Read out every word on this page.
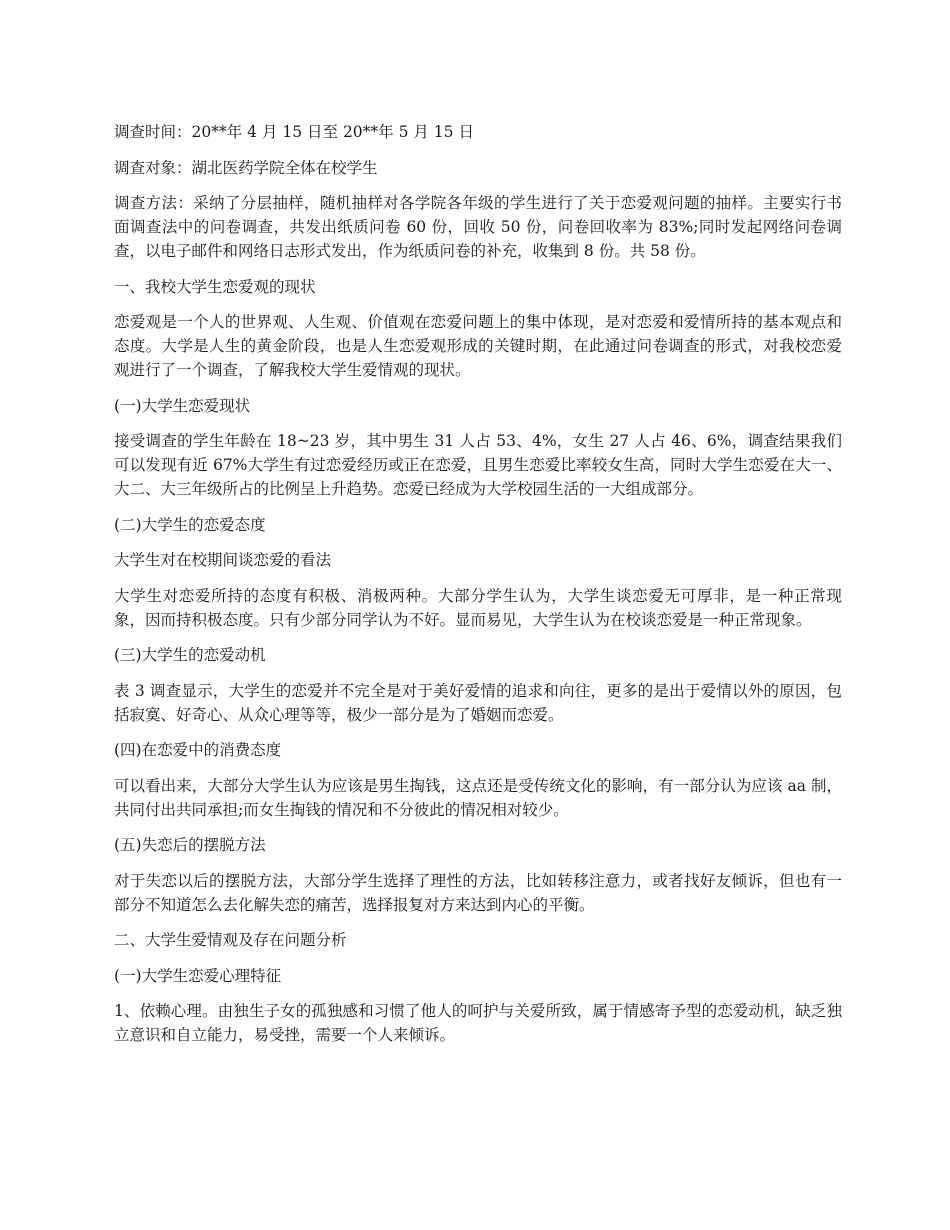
调查时间：20**年 4 月 15 日至 20**年 5 月 15 日

调查对象：湖北医药学院全体在校学生

调查方法：采纳了分层抽样，随机抽样对各学院各年级的学生进行了关于恋爱观问题的抽样。主要实行书面调查法中的问卷调查，共发出纸质问卷 60 份，回收 50 份，问卷回收率为 83%;同时发起网络问卷调查，以电子邮件和网络日志形式发出，作为纸质问卷的补充，收集到 8 份。共 58 份。

一、我校大学生恋爱观的现状

恋爱观是一个人的世界观、人生观、价值观在恋爱问题上的集中体现，是对恋爱和爱情所持的基本观点和态度。大学是人生的黄金阶段，也是人生恋爱观形成的关键时期，在此通过问卷调查的形式，对我校恋爱观进行了一个调查，了解我校大学生爱情观的现状。

(一)大学生恋爱现状

接受调查的学生年龄在 18~23 岁，其中男生 31 人占 53、4%，女生 27 人占 46、6%，调查结果我们可以发现有近 67%大学生有过恋爱经历或正在恋爱，且男生恋爱比率较女生高，同时大学生恋爱在大一、大二、大三年级所占的比例呈上升趋势。恋爱已经成为大学校园生活的一大组成部分。

(二)大学生的恋爱态度

大学生对在校期间谈恋爱的看法

大学生对恋爱所持的态度有积极、消极两种。大部分学生认为，大学生谈恋爱无可厚非，是一种正常现象，因而持积极态度。只有少部分同学认为不好。显而易见，大学生认为在校谈恋爱是一种正常现象。

(三)大学生的恋爱动机

表 3 调查显示，大学生的恋爱并不完全是对于美好爱情的追求和向往，更多的是出于爱情以外的原因，包括寂寞、好奇心、从众心理等等，极少一部分是为了婚姻而恋爱。

(四)在恋爱中的消费态度

可以看出来，大部分大学生认为应该是男生掏钱，这点还是受传统文化的影响，有一部分认为应该 aa 制，共同付出共同承担;而女生掏钱的情况和不分彼此的情况相对较少。

(五)失恋后的摆脱方法

对于失恋以后的摆脱方法，大部分学生选择了理性的方法，比如转移注意力，或者找好友倾诉，但也有一部分不知道怎么去化解失恋的痛苦，选择报复对方来达到内心的平衡。

二、大学生爱情观及存在问题分析

(一)大学生恋爱心理特征

1、依赖心理。由独生子女的孤独感和习惯了他人的呵护与关爱所致，属于情感寄予型的恋爱动机，缺乏独立意识和自立能力，易受挫，需要一个人来倾诉。
